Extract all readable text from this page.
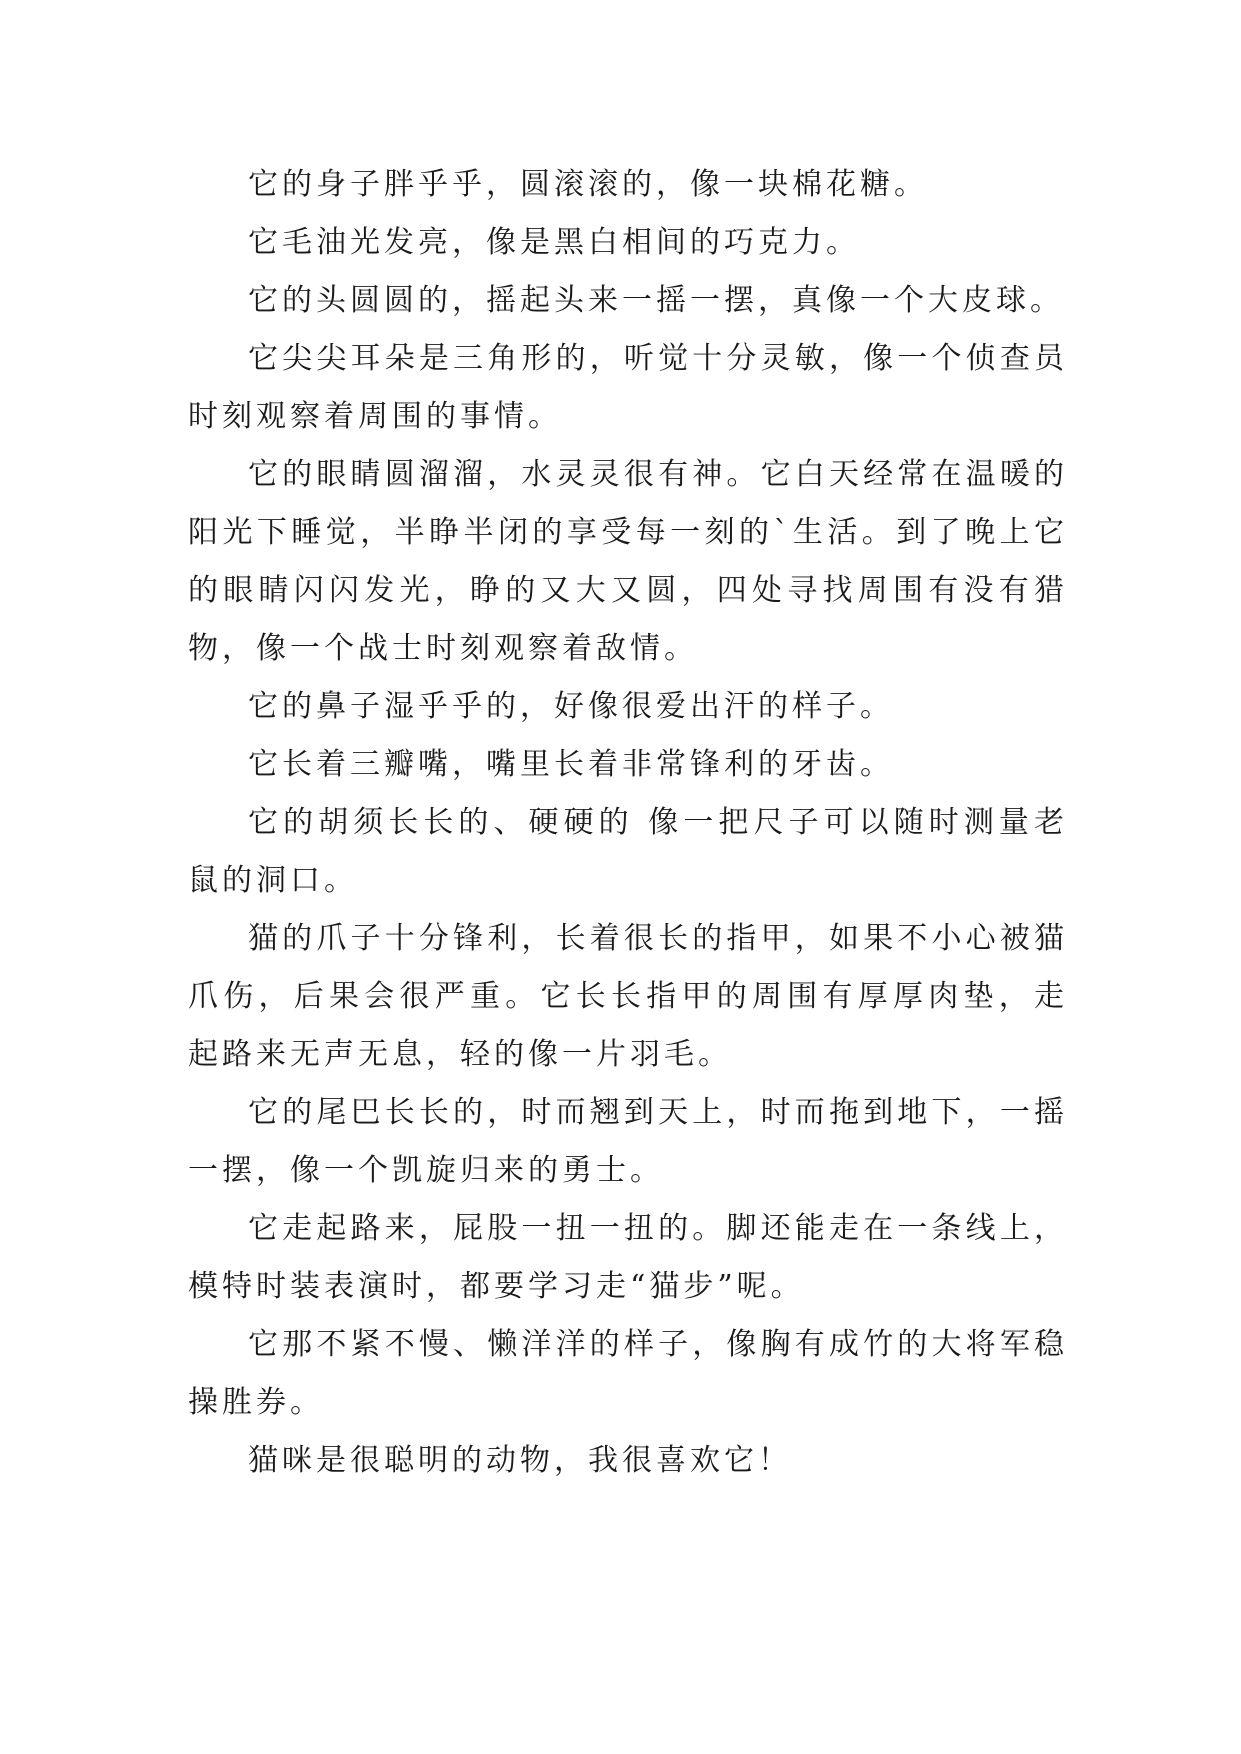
它的身子胖乎乎，圆滚滚的，像一块棉花糖。

它毛油光发亮，像是黑白相间的巧克力。

它的头圆圆的，摇起头来一摇一摆，真像一个大皮球。

它尖尖耳朵是三角形的，听觉十分灵敏，像一个侦查员时刻观察着周围的事情。

它的眼睛圆溜溜，水灵灵很有神。它白天经常在温暖的阳光下睡觉，半睁半闭的享受每一刻的`生活。到了晚上它的眼睛闪闪发光，睁的又大又圆，四处寻找周围有没有猎物，像一个战士时刻观察着敌情。

它的鼻子湿乎乎的，好像很爱出汗的样子。

它长着三瓣嘴，嘴里长着非常锋利的牙齿。

它的胡须长长的、硬硬的 像一把尺子可以随时测量老鼠的洞口。

猫的爪子十分锋利，长着很长的指甲，如果不小心被猫爪伤，后果会很严重。它长长指甲的周围有厚厚肉垫，走起路来无声无息，轻的像一片羽毛。

它的尾巴长长的，时而翘到天上，时而拖到地下，一摇一摆，像一个凯旋归来的勇士。

它走起路来，屁股一扭一扭的。脚还能走在一条线上，模特时装表演时，都要学习走“猫步”呢。

它那不紧不慢、懒洋洋的样子，像胸有成竹的大将军稳操胜券。

猫咪是很聪明的动物，我很喜欢它！
